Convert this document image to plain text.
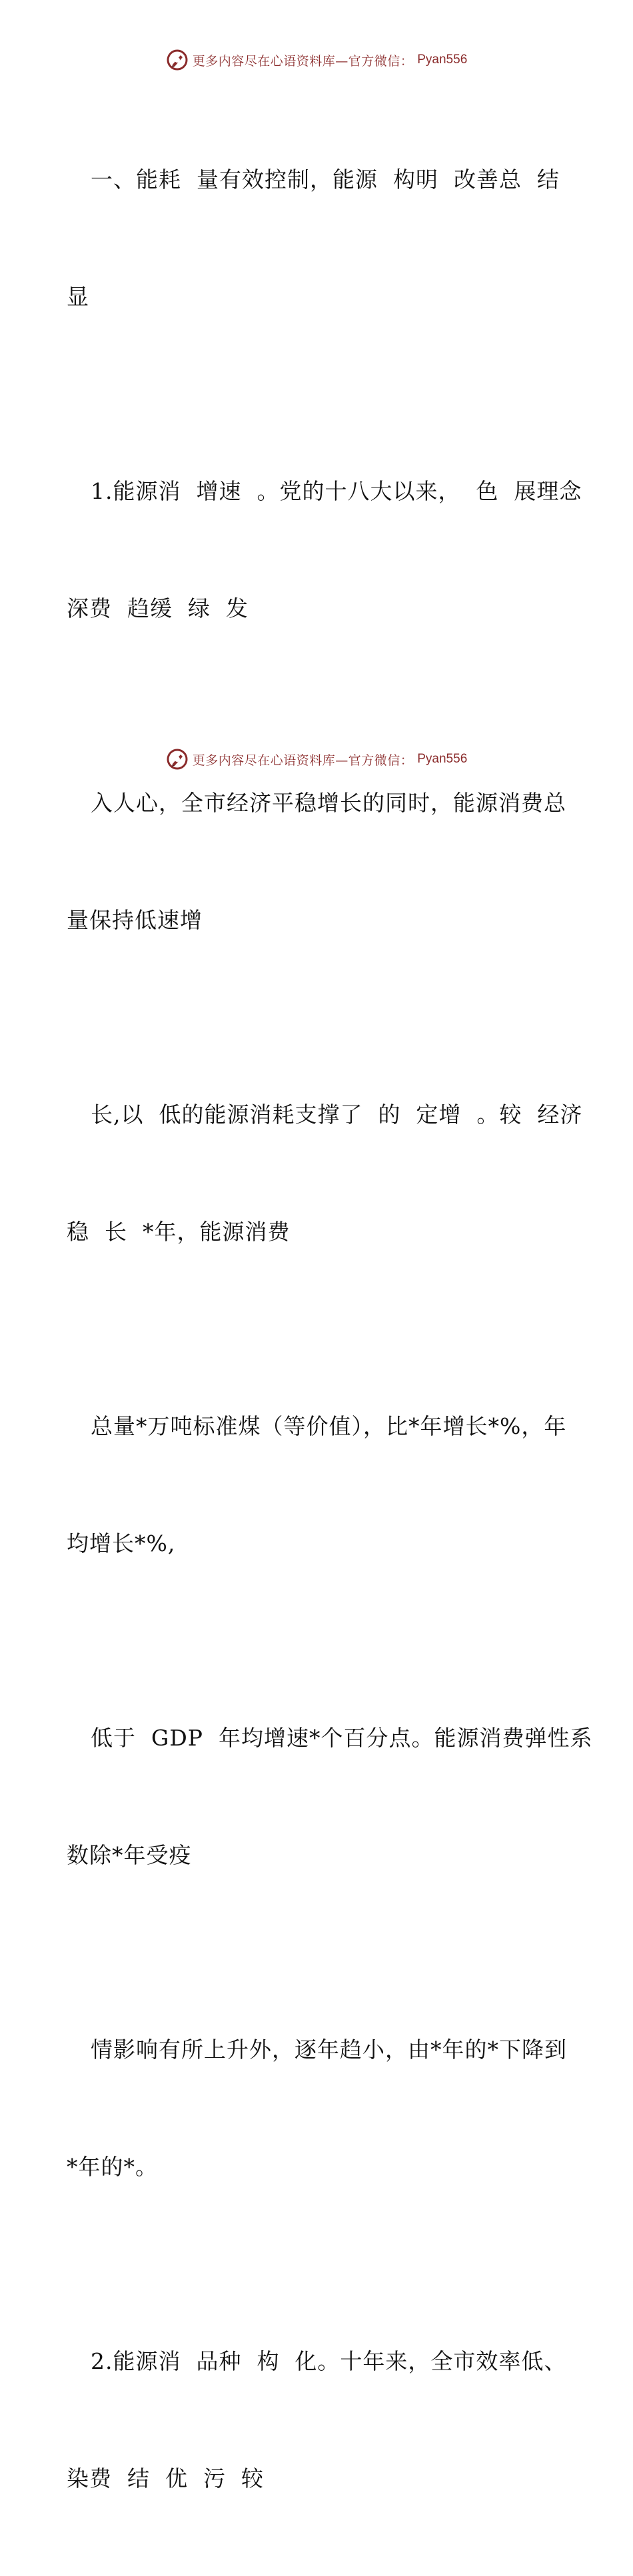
更多内容尽在心语资料库—官方微信： Pyan556

一、能耗  量有效控制，能源  构明  改善总  结

显

1.能源消  增速  。党的十八大以来，  色  展理念

深费  趋缓  绿  发

入人心，全市经济平稳增长的同时，能源消费总

量保持低速增

长,以  低的能源消耗支撑了  的  定增  。较  经济

稳  长  *年，能源消费

总量*万吨标准煤（等价值），比*年增长*%，年

均增长*%,

低于  GDP  年均增速*个百分点。能源消费弹性系

数除*年受疫

情影响有所上升外，逐年趋小，由*年的*下降到

*年的*。

2.能源消  品种  构  化。十年来，全市效率低、

染费  结  优  污  较

更多内容尽在心语资料库—官方微信： Pyan556
